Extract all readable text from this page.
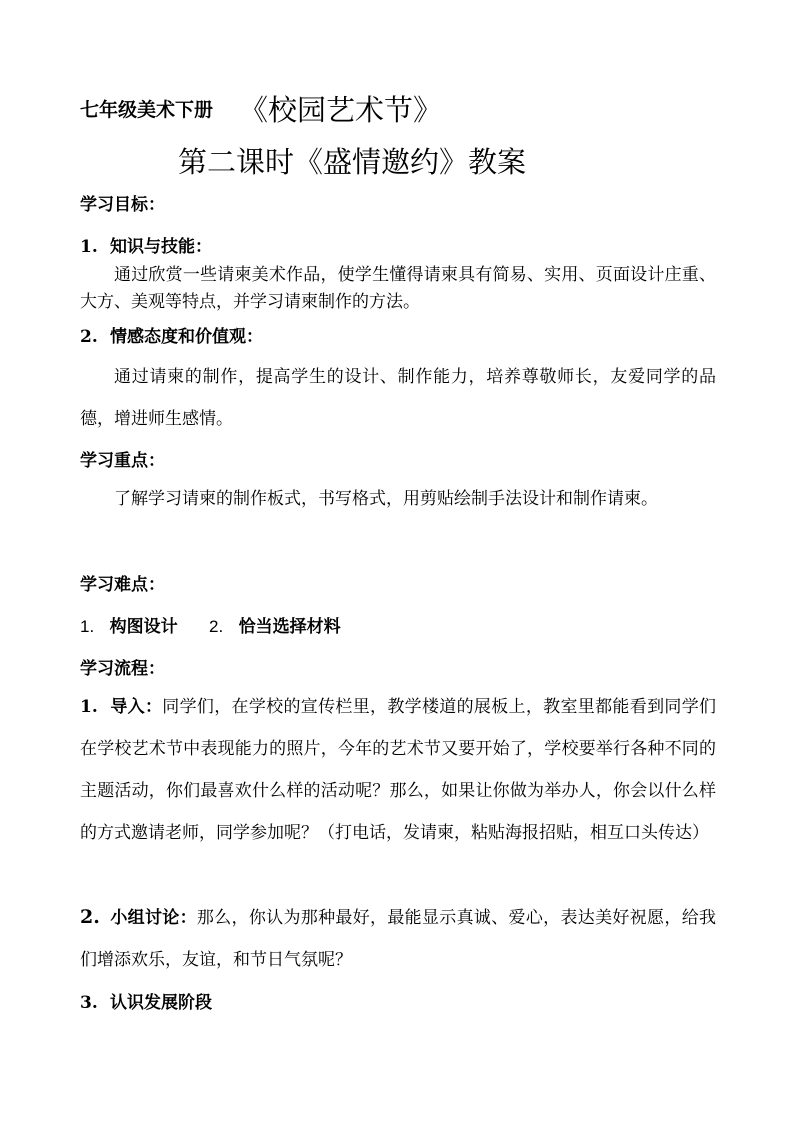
七年级美术下册 《校园艺术节》
第二课时《盛情邀约》教案
学习目标：
1. 知识与技能：
通过欣赏一些请柬美术作品，使学生懂得请柬具有简易、实用、页面设计庄重、大方、美观等特点，并学习请柬制作的方法。
2. 情感态度和价值观：
通过请柬的制作，提高学生的设计、制作能力，培养尊敬师长，友爱同学的品德，增进师生感情。
学习重点：
了解学习请柬的制作板式，书写格式，用剪贴绘制手法设计和制作请柬。
学习难点：
1. 构图设计 2. 恰当选择材料
学习流程：
1. 导入：同学们，在学校的宣传栏里，教学楼道的展板上，教室里都能看到同学们在学校艺术节中表现能力的照片，今年的艺术节又要开始了，学校要举行各种不同的主题活动，你们最喜欢什么样的活动呢？那么，如果让你做为举办人，你会以什么样的方式邀请老师，同学参加呢？（打电话，发请柬，粘贴海报招贴，相互口头传达）
2. 小组讨论：那么，你认为那种最好，最能显示真诚、爱心，表达美好祝愿，给我们增添欢乐，友谊，和节日气氛呢？
3. 认识发展阶段
